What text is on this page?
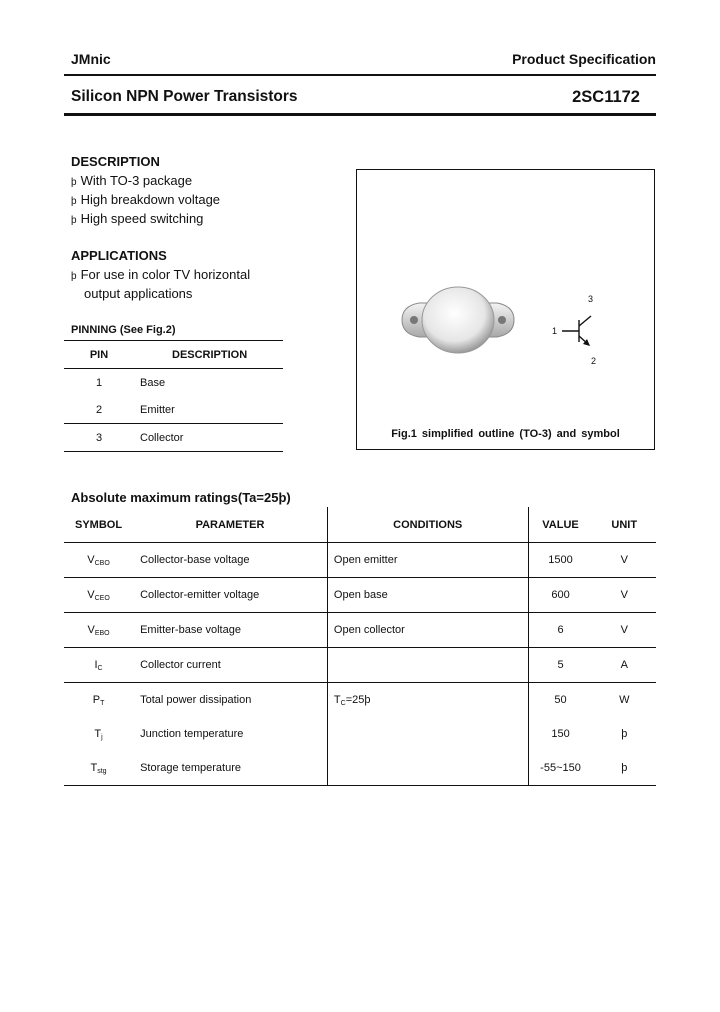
JMnic	Product Specification
Silicon NPN Power Transistors	2SC1172
DESCRIPTION
þ With TO-3 package
þ High breakdown voltage
þ High speed switching
APPLICATIONS
þ For use in color TV horizontal
output applications
PINNING (See Fig.2)
PIN	DESCRIPTION
1	Base
2	Emitter
3	Collector
3
1
2
Fig.1 simplified outline (TO-3) and symbol
Absolute maximum ratings(Ta=25þ)
SYMBOL	PARAMETER	CONDITIONS	VALUE	UNIT
$V_{CBO}$	Collector-base voltage	Open emitter	1500	V
$V_{CEO}$	Collector-emitter voltage	Open base	600	V
$V_{EBO}$	Emitter-base voltage	Open collector	6	V
$I_C$	Collector current		5	A
$P_T$	Total power dissipation	$T_C=25þ$	50	W
$T_j$	Junction temperature		150	þ
$T_{stg}$	Storage temperature		-55~150	þ
